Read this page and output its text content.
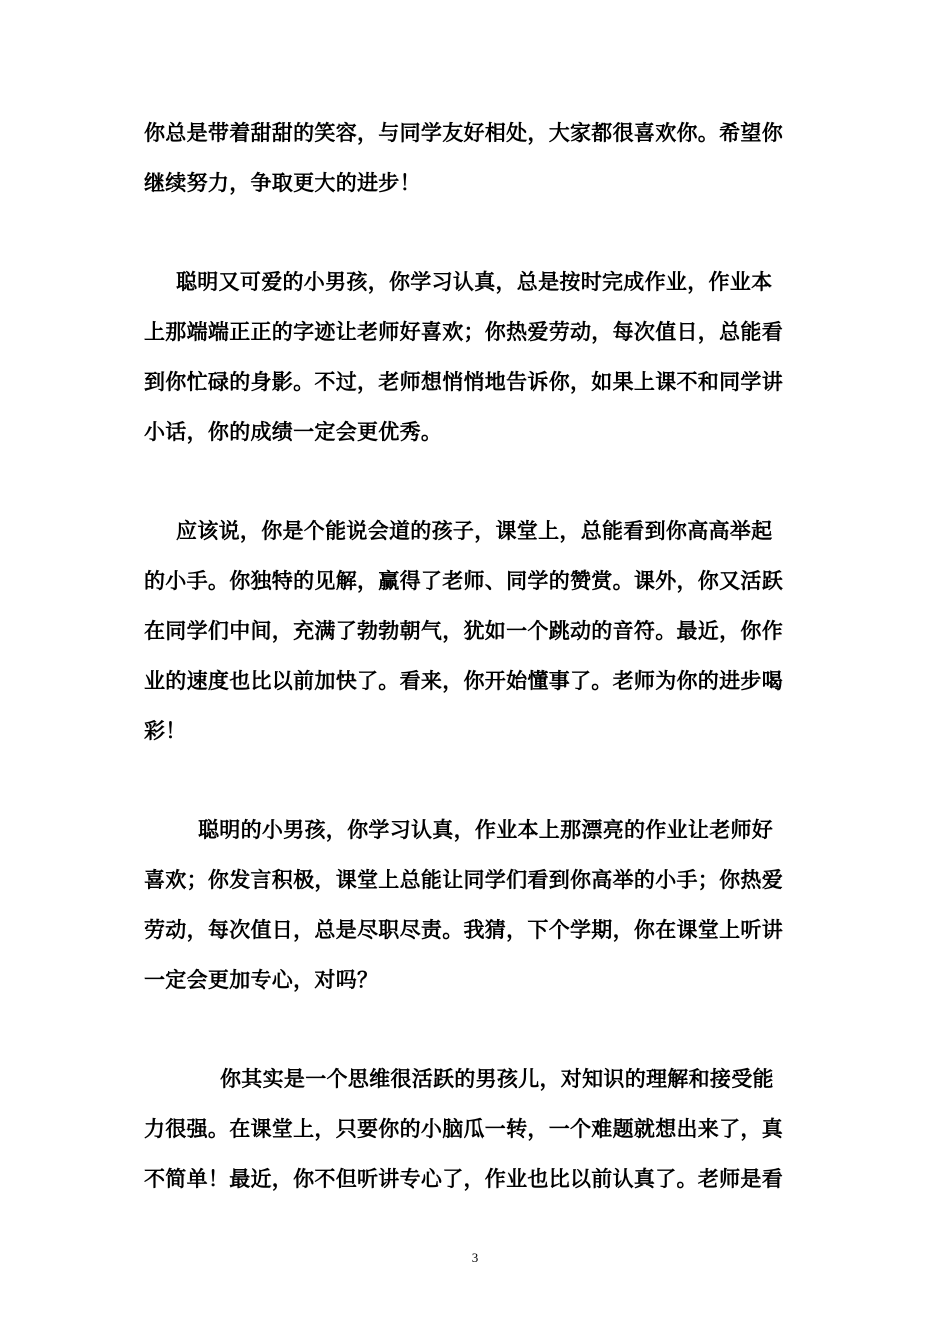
你总是带着甜甜的笑容，与同学友好相处，大家都很喜欢你。希望你
继续努力，争取更大的进步！
聪明又可爱的小男孩，你学习认真，总是按时完成作业，作业本
上那端端正正的字迹让老师好喜欢；你热爱劳动，每次值日，总能看
到你忙碌的身影。不过，老师想悄悄地告诉你，如果上课不和同学讲
小话，你的成绩一定会更优秀。
应该说，你是个能说会道的孩子，课堂上，总能看到你高高举起
的小手。你独特的见解，赢得了老师、同学的赞赏。课外，你又活跃
在同学们中间，充满了勃勃朝气，犹如一个跳动的音符。最近，你作
业的速度也比以前加快了。看来，你开始懂事了。老师为你的进步喝
彩！
聪明的小男孩，你学习认真，作业本上那漂亮的作业让老师好
喜欢；你发言积极，课堂上总能让同学们看到你高举的小手；你热爱
劳动，每次值日，总是尽职尽责。我猜，下个学期，你在课堂上听讲
一定会更加专心，对吗？
你其实是一个思维很活跃的男孩儿，对知识的理解和接受能
力很强。在课堂上，只要你的小脑瓜一转，一个难题就想出来了，真
不简单！最近，你不但听讲专心了，作业也比以前认真了。老师是看
3
